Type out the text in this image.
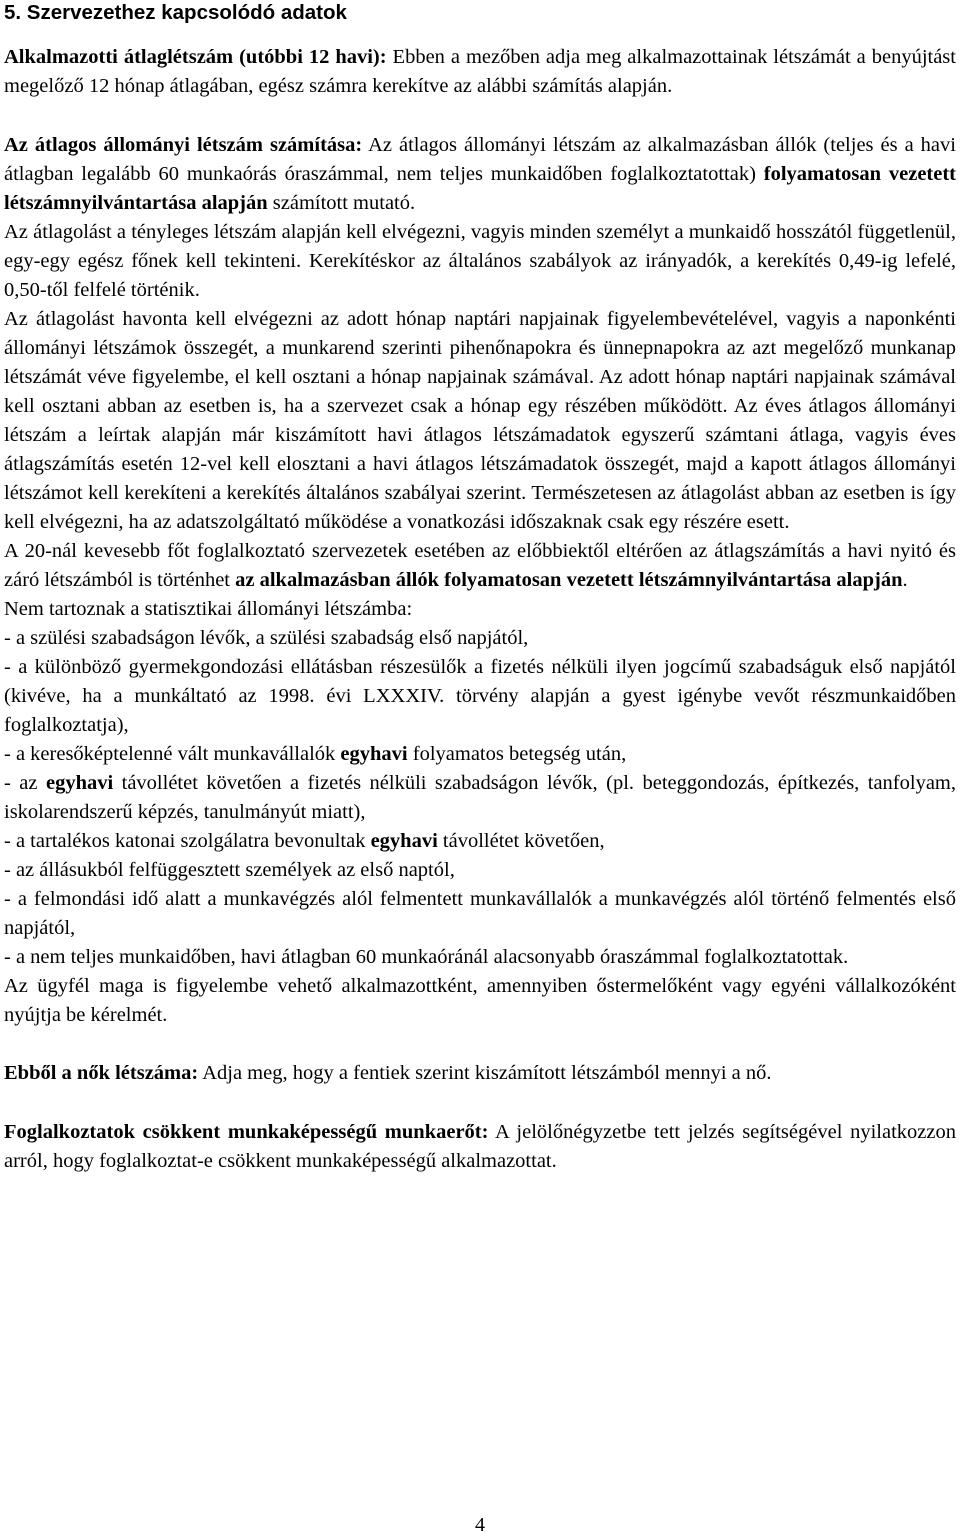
5. Szervezethez kapcsolódó adatok

Alkalmazotti átlaglétszám (utóbbi 12 havi): Ebben a mezőben adja meg alkalmazottainak létszámát a benyújtást megelőző 12 hónap átlagában, egész számra kerekítve az alábbi számítás alapján.

Az átlagos állományi létszám számítása: Az átlagos állományi létszám az alkalmazásban állók (teljes és a havi átlagban legalább 60 munkaórás óraszámmal, nem teljes munkaidőben foglalkoztatottak) folyamatosan vezetett létszámnyilvántartása alapján számított mutató.

Az átlagolást a tényleges létszám alapján kell elvégezni, vagyis minden személyt a munkaidő hosszától függetlenül, egy-egy egész főnek kell tekinteni. Kerekítéskor az általános szabályok az irányadók, a kerekítés 0,49-ig lefelé, 0,50-től felfelé történik.

Az átlagolást havonta kell elvégezni az adott hónap naptári napjainak figyelembevételével, vagyis a naponkénti állományi létszámok összegét, a munkarend szerinti pihenőnapokra és ünnepnapokra az azt megelőző munkanap létszámát véve figyelembe, el kell osztani a hónap napjainak számával. Az adott hónap naptári napjainak számával kell osztani abban az esetben is, ha a szervezet csak a hónap egy részében működött. Az éves átlagos állományi létszám a leírtak alapján már kiszámított havi átlagos létszámadatok egyszerű számtani átlaga, vagyis éves átlagszámítás esetén 12-vel kell elosztani a havi átlagos létszámadatok összegét, majd a kapott átlagos állományi létszámot kell kerekíteni a kerekítés általános szabályai szerint. Természetesen az átlagolást abban az esetben is így kell elvégezni, ha az adatszolgáltató működése a vonatkozási időszaknak csak egy részére esett.

A 20-nál kevesebb főt foglalkoztató szervezetek esetében az előbbiektől eltérően az átlagszámítás a havi nyitó és záró létszámból is történhet az alkalmazásban állók folyamatosan vezetett létszámnyilvántartása alapján.

Nem tartoznak a statisztikai állományi létszámba:

- a szülési szabadságon lévők, a szülési szabadság első napjától,

- a különböző gyermekgondozási ellátásban részesülők a fizetés nélküli ilyen jogcímű szabadságuk első napjától (kivéve, ha a munkáltató az 1998. évi LXXXIV. törvény alapján a gyest igénybe vevőt részmunkaidőben foglalkoztatja),

- a keresőképtelenné vált munkavállalók egyhavi folyamatos betegség után,

- az egyhavi távollétet követően a fizetés nélküli szabadságon lévők, (pl. beteggondozás, építkezés, tanfolyam, iskolarendszerű képzés, tanulmányút miatt),

- a tartalékos katonai szolgálatra bevonultak egyhavi távollétet követően,

- az állásukból felfüggesztett személyek az első naptól,

- a felmondási idő alatt a munkavégzés alól felmentett munkavállalók a munkavégzés alól történő felmentés első napjától,

- a nem teljes munkaidőben, havi átlagban 60 munkaóránál alacsonyabb óraszámmal foglalkoztatottak.

Az ügyfél maga is figyelembe vehető alkalmazottként, amennyiben őstermelőként vagy egyéni vállalkozóként nyújtja be kérelmét.

Ebből a nők létszáma: Adja meg, hogy a fentiek szerint kiszámított létszámból mennyi a nő.

Foglalkoztatok csökkent munkaképességű munkaerőt: A jelölőnégyzetbe tett jelzés segítségével nyilatkozzon arról, hogy foglalkoztat-e csökkent munkaképességű alkalmazottat.

4
